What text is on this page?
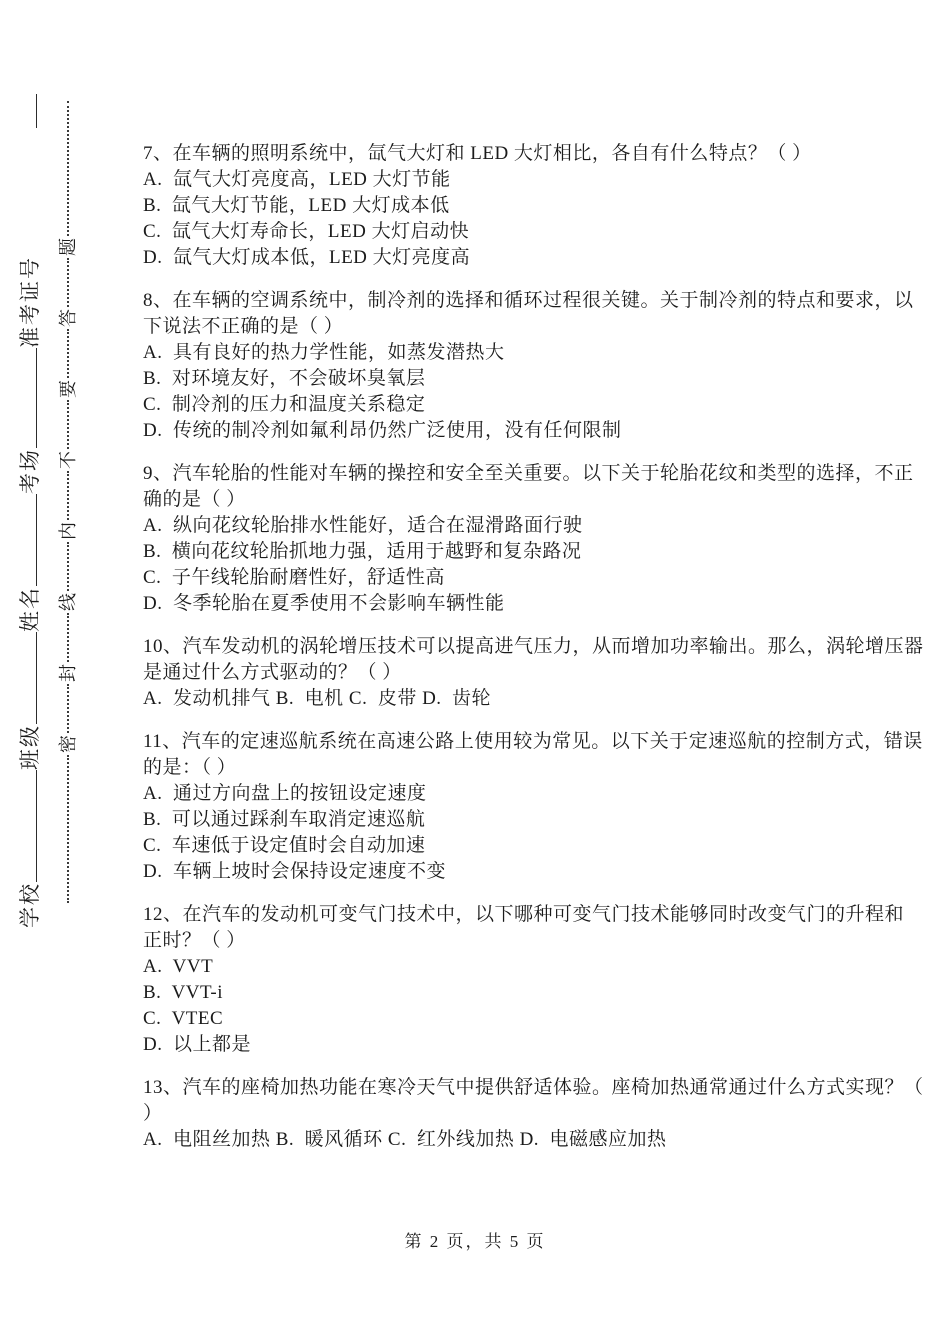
学校班级姓名考场准考证号
题
答
要
不
内
线
封
密
7、在车辆的照明系统中，氙气大灯和 LED 大灯相比，各自有什么特点？（ ）
A.  氙气大灯亮度高，LED 大灯节能
B.  氙气大灯节能，LED 大灯成本低
C.  氙气大灯寿命长，LED 大灯启动快
D.  氙气大灯成本低，LED 大灯亮度高
8、在车辆的空调系统中，制冷剂的选择和循环过程很关键。关于制冷剂的特点和要求，以
下说法不正确的是（ ）
A.  具有良好的热力学性能，如蒸发潜热大
B.  对环境友好，不会破坏臭氧层
C.  制冷剂的压力和温度关系稳定
D.  传统的制冷剂如氟利昂仍然广泛使用，没有任何限制
9、汽车轮胎的性能对车辆的操控和安全至关重要。以下关于轮胎花纹和类型的选择，不正
确的是（ ）
A.  纵向花纹轮胎排水性能好，适合在湿滑路面行驶
B.  横向花纹轮胎抓地力强，适用于越野和复杂路况
C.  子午线轮胎耐磨性好，舒适性高
D.  冬季轮胎在夏季使用不会影响车辆性能
10、汽车发动机的涡轮增压技术可以提高进气压力，从而增加功率输出。那么，涡轮增压器
是通过什么方式驱动的？（ ）
A.  发动机排气 B.  电机 C.  皮带 D.  齿轮
11、汽车的定速巡航系统在高速公路上使用较为常见。以下关于定速巡航的控制方式，错误
的是：（ ）
A.  通过方向盘上的按钮设定速度
B.  可以通过踩刹车取消定速巡航
C.  车速低于设定值时会自动加速
D.  车辆上坡时会保持设定速度不变
12、在汽车的发动机可变气门技术中，以下哪种可变气门技术能够同时改变气门的升程和
正时？（ ）
A.  VVT
B.  VVT-i
C.  VTEC
D.  以上都是
13、汽车的座椅加热功能在寒冷天气中提供舒适体验。座椅加热通常通过什么方式实现？（
）
A.  电阻丝加热 B.  暖风循环 C.  红外线加热 D.  电磁感应加热
第 2 页，共 5 页
